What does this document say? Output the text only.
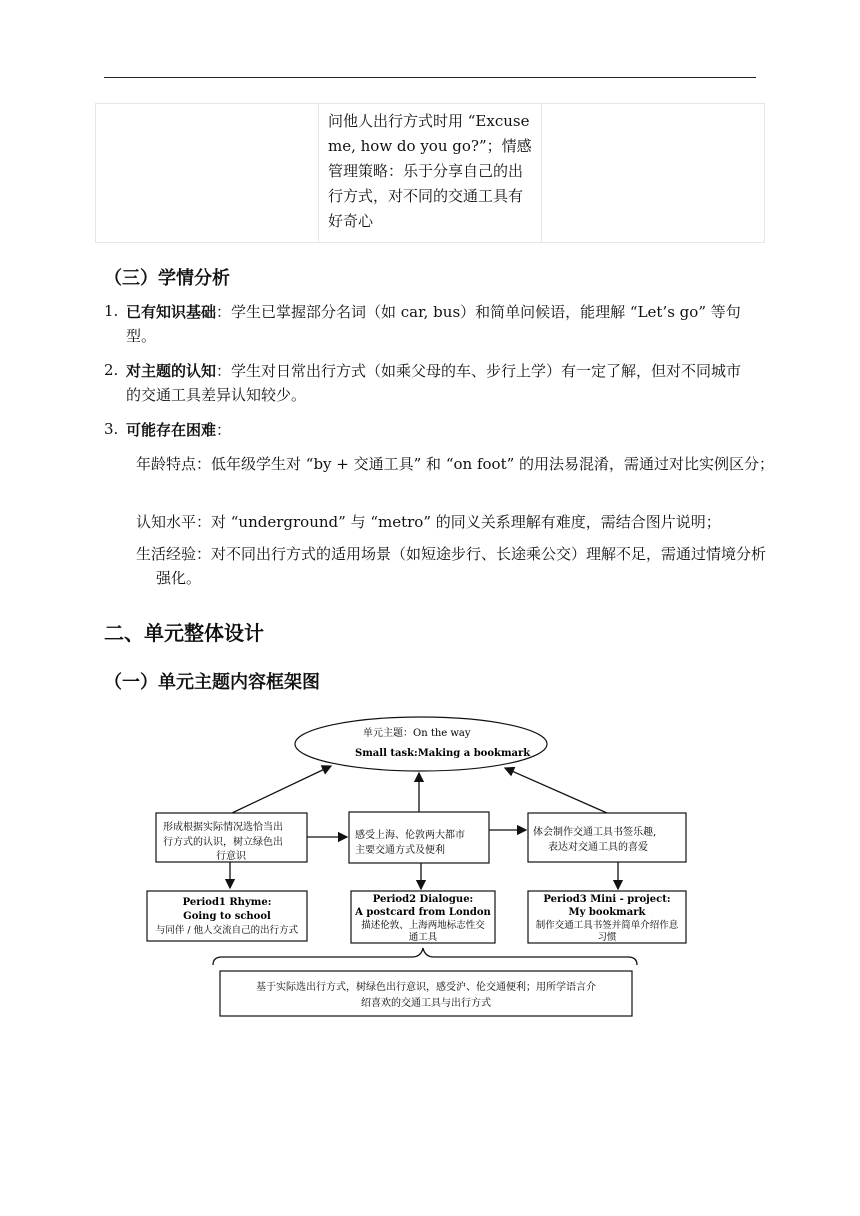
问他人出行方式时用 “Excuse me, how do you go?”；情感管理策略：乐于分享自己的出行方式，对不同的交通工具有好奇心

（三）学情分析
1. 已有知识基础：学生已掌握部分名词（如 car, bus）和简单问候语，能理解 “Let’s go” 等句型。
2. 对主题的认知：学生对日常出行方式（如乘父母的车、步行上学）有一定了解，但对不同城市的交通工具差异认知较少。
3. 可能存在困难：
年龄特点：低年级学生对 “by + 交通工具” 和 “on foot” 的用法易混淆，需通过对比实例区分；
认知水平：对 “underground” 与 “metro” 的同义关系理解有难度，需结合图片说明；
生活经验：对不同出行方式的适用场景（如短途步行、长途乘公交）理解不足，需通过情境分析强化。
二、单元整体设计
（一）单元主题内容框架图
单元主题：On the way
Small task:Making a bookmark
形成根据实际情况选恰当出
行方式的认识，树立绿色出
行意识
感受上海、伦敦两大都市
主要交通方式及便利
体会制作交通工具书签乐趣,
表达对交通工具的喜爱
Period1 Rhyme:
Going to school
与同伴 / 他人交流自己的出行方式
Period2 Dialogue:
A postcard from London
描述伦敦、上海两地标志性交
通工具
Period3 Mini - project:
My bookmark
制作交通工具书签并简单介绍作息
习惯
基于实际选出行方式，树绿色出行意识，感受沪、伦交通便利；用所学语言介
绍喜欢的交通工具与出行方式
